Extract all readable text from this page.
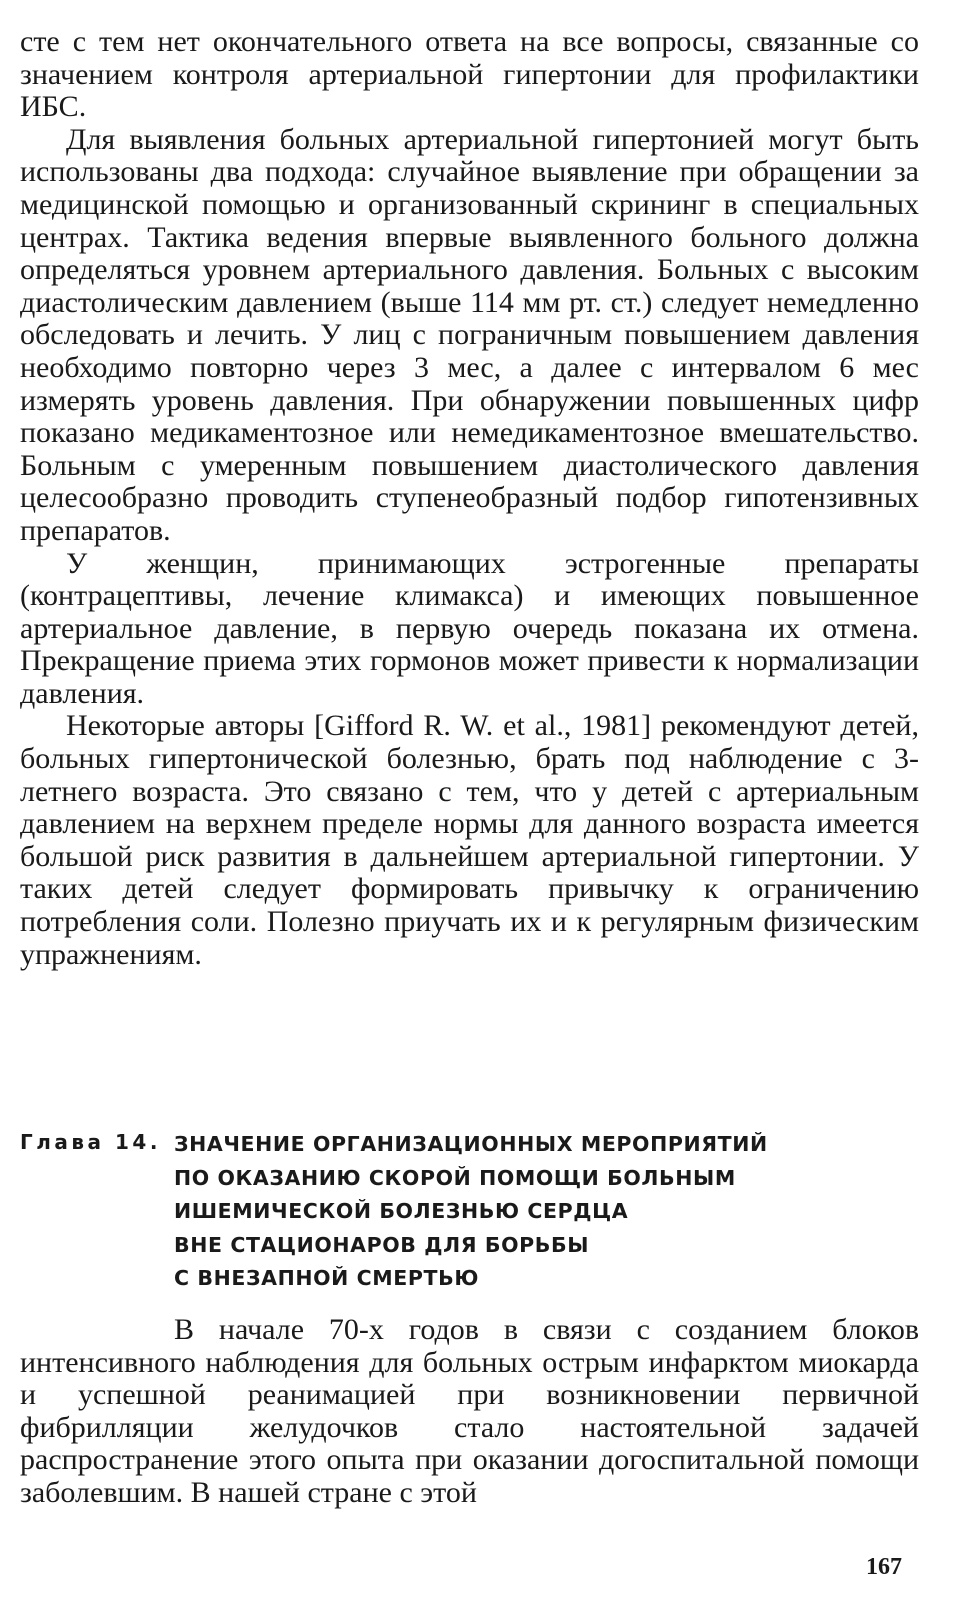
сте с тем нет окончательного ответа на все вопросы, связанные со значением контроля артериальной гипертонии для профилактики ИБС.

Для выявления больных артериальной гипертонией могут быть использованы два подхода: случайное выявление при обращении за медицинской помощью и организованный скрининг в специальных центрах. Тактика ведения впервые выявленного больного должна определяться уровнем артериального давления. Больных с высоким диастолическим давлением (выше 114 мм рт. ст.) следует немедленно обследовать и лечить. У лиц с пограничным повышением давления необходимо повторно через 3 мес, а далее с интервалом 6 мес измерять уровень давления. При обнаружении повышенных цифр показано медикаментозное или немедикаментозное вмешательство. Больным с умеренным повышением диастолического давления целесообразно проводить ступенеобразный подбор гипотензивных препаратов.

У женщин, принимающих эстрогенные препараты (контрацептивы, лечение климакса) и имеющих повышенное артериальное давление, в первую очередь показана их отмена. Прекращение приема этих гормонов может привести к нормализации давления.

Некоторые авторы [Gifford R. W. et al., 1981] рекомендуют детей, больных гипертонической болезнью, брать под наблюдение с 3-летнего возраста. Это связано с тем, что у детей с артериальным давлением на верхнем пределе нормы для данного возраста имеется большой риск развития в дальнейшем артериальной гипертонии. У таких детей следует формировать привычку к ограничению потребления соли. Полезно приучать их и к регулярным физическим упражнениям.

Глава 14. ЗНАЧЕНИЕ ОРГАНИЗАЦИОННЫХ МЕРОПРИЯТИЙ
ПО ОКАЗАНИЮ СКОРОЙ ПОМОЩИ БОЛЬНЫМ
ИШЕМИЧЕСКОЙ БОЛЕЗНЬЮ СЕРДЦА
ВНЕ СТАЦИОНАРОВ ДЛЯ БОРЬБЫ
С ВНЕЗАПНОЙ СМЕРТЬЮ

В начале 70-х годов в связи с созданием блоков интенсивного наблюдения для больных острым инфарктом миокарда и успешной реанимацией при возникновении первичной фибрилляции желудочков стало настоятельной задачей распространение этого опыта при оказании догоспитальной помощи заболевшим. В нашей стране с этой

167
